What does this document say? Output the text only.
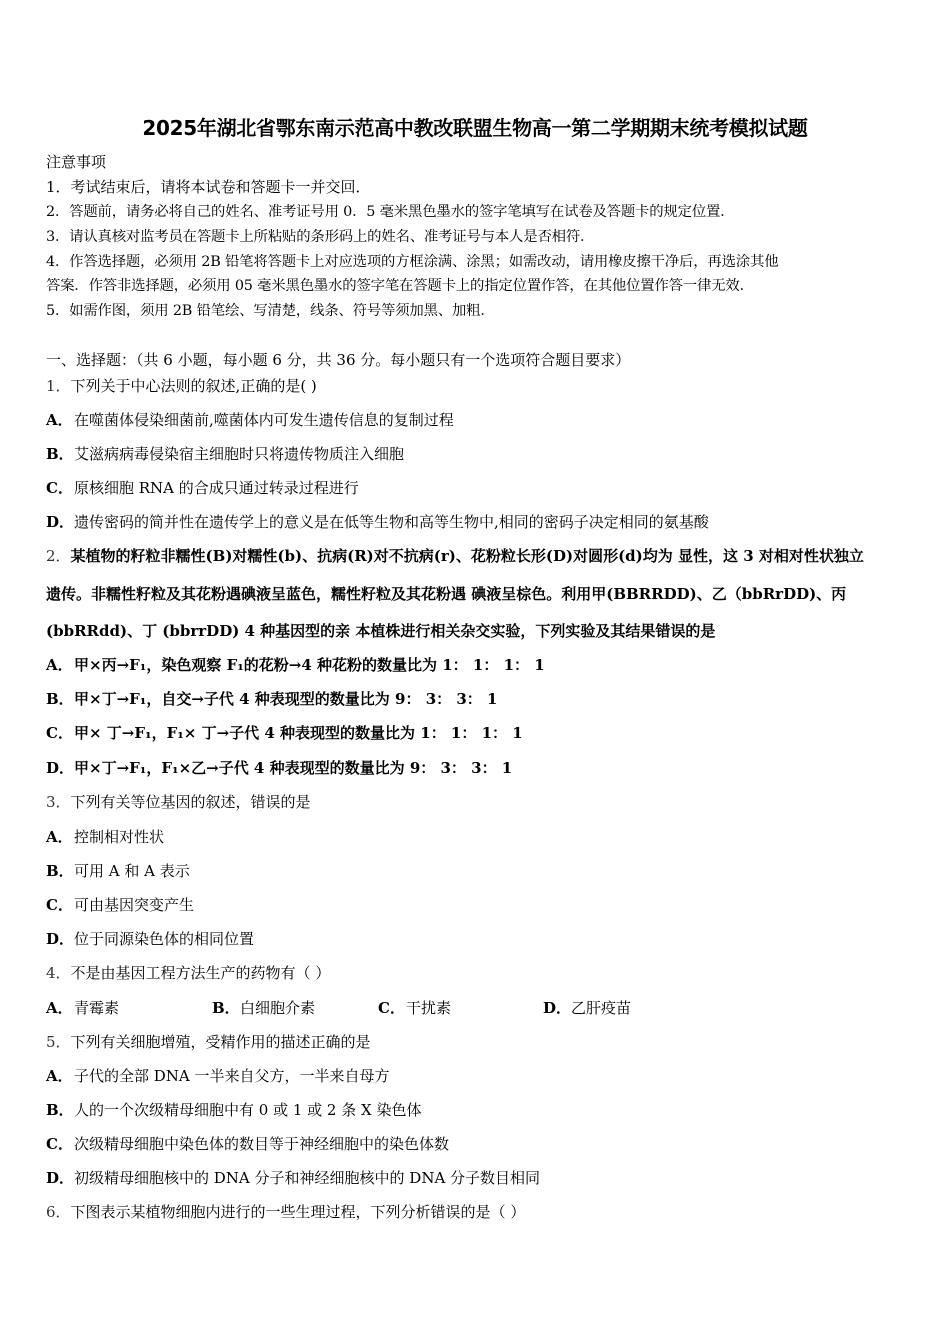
2025年湖北省鄂东南示范高中教改联盟生物高一第二学期期末统考模拟试题
注意事项
1．考试结束后，请将本试卷和答题卡一并交回．
2．答题前，请务必将自己的姓名、准考证号用 0．5 毫米黑色墨水的签字笔填写在试卷及答题卡的规定位置．
3．请认真核对监考员在答题卡上所粘贴的条形码上的姓名、准考证号与本人是否相符．
4．作答选择题，必须用 2B 铅笔将答题卡上对应选项的方框涂满、涂黑；如需改动，请用橡皮擦干净后，再选涂其他
答案．作答非选择题，必须用 05 毫米黑色墨水的签字笔在答题卡上的指定位置作答，在其他位置作答一律无效．
5．如需作图，须用 2B 铅笔绘、写清楚，线条、符号等须加黑、加粗．
一、选择题：（共 6 小题，每小题 6 分，共 36 分。每小题只有一个选项符合题目要求）
1．下列关于中心法则的叙述,正确的是( )
A．在噬菌体侵染细菌前,噬菌体内可发生遗传信息的复制过程
B．艾滋病病毒侵染宿主细胞时只将遗传物质注入细胞
C．原核细胞 RNA 的合成只通过转录过程进行
D．遗传密码的简并性在遗传学上的意义是在低等生物和高等生物中,相同的密码子决定相同的氨基酸
2．某植物的籽粒非糯性(B)对糯性(b)、抗病(R)对不抗病(r)、花粉粒长形(D)对圆形(d)均为 显性，这 3 对相对性状独立
遗传。非糯性籽粒及其花粉遇碘液呈蓝色，糯性籽粒及其花粉遇 碘液呈棕色。利用甲(BBRRDD)、乙（bbRrDD)、丙
(bbRRdd)、丁 (bbrrDD) 4 种基因型的亲 本植株进行相关杂交实验，下列实验及其结果错误的是
A．甲×丙→F₁，染色观察 F₁的花粉→4 种花粉的数量比为 1： 1： 1： 1
B．甲×丁→F₁，自交→子代 4 种表现型的数量比为 9： 3： 3： 1
C．甲× 丁→F₁，F₁× 丁→子代 4 种表现型的数量比为 1： 1： 1： 1
D．甲×丁→F₁，F₁×乙→子代 4 种表现型的数量比为 9： 3： 3： 1
3．下列有关等位基因的叙述，错误的是
A．控制相对性状
B．可用 A 和 A 表示
C．可由基因突变产生
D．位于同源染色体的相同位置
4．不是由基因工程方法生产的药物有（ ）
A．青霉素	B．白细胞介素	C．干扰素	D．乙肝疫苗
5．下列有关细胞增殖，受精作用的描述正确的是
A．子代的全部 DNA 一半来自父方，一半来自母方
B．人的一个次级精母细胞中有 0 或 1 或 2 条 X 染色体
C．次级精母细胞中染色体的数目等于神经细胞中的染色体数
D．初级精母细胞核中的 DNA 分子和神经细胞核中的 DNA 分子数目相同
6．下图表示某植物细胞内进行的一些生理过程，下列分析错误的是（ ）
